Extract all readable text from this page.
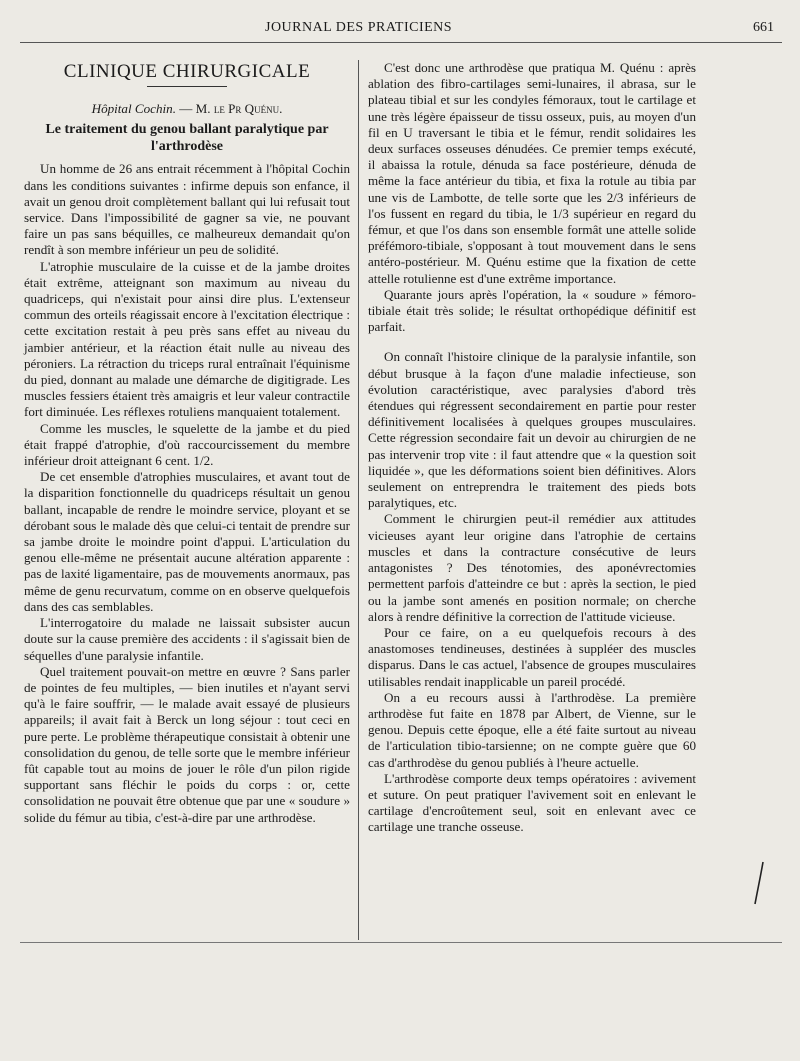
JOURNAL DES PRATICIENS	661
CLINIQUE CHIRURGICALE
Hôpital Cochin. — M. le Pr Quénu.
Le traitement du genou ballant paralytique par l'arthrodèse

Un homme de 26 ans entrait récemment à l'hôpital Cochin dans les conditions suivantes : infirme depuis son enfance, il avait un genou droit complètement ballant qui lui refusait tout service. Dans l'impossibilité de gagner sa vie, ne pouvant faire un pas sans béquilles, ce malheureux demandait qu'on rendît à son membre inférieur un peu de solidité.

L'atrophie musculaire de la cuisse et de la jambe droites était extrême, atteignant son maximum au niveau du quadriceps, qui n'existait pour ainsi dire plus. L'extenseur commun des orteils réagissait encore à l'excitation électrique : cette excitation restait à peu près sans effet au niveau du jambier antérieur, et la réaction était nulle au niveau des péroniers. La rétraction du triceps rural entraînait l'équinisme du pied, donnant au malade une démarche de digitigrade. Les muscles fessiers étaient très amaigris et leur valeur contractile fort diminuée. Les réflexes rotuliens manquaient totalement.

Comme les muscles, le squelette de la jambe et du pied était frappé d'atrophie, d'où raccourcissement du membre inférieur droit atteignant 6 cent. 1/2.

De cet ensemble d'atrophies musculaires, et avant tout de la disparition fonctionnelle du quadriceps résultait un genou ballant, incapable de rendre le moindre service, ployant et se dérobant sous le malade dès que celui-ci tentait de prendre sur sa jambe droite le moindre point d'appui. L'articulation du genou elle-même ne présentait aucune altération apparente : pas de laxité ligamentaire, pas de mouvements anormaux, pas même de genu recurvatum, comme on en observe quelquefois dans des cas semblables.

L'interrogatoire du malade ne laissait subsister aucun doute sur la cause première des accidents : il s'agissait bien de séquelles d'une paralysie infantile.

Quel traitement pouvait-on mettre en œuvre ? Sans parler de pointes de feu multiples, — bien inutiles et n'ayant servi qu'à le faire souffrir, — le malade avait essayé de plusieurs appareils; il avait fait à Berck un long séjour : tout ceci en pure perte. Le problème thérapeutique consistait à obtenir une consolidation du genou, de telle sorte que le membre inférieur fût capable tout au moins de jouer le rôle d'un pilon rigide supportant sans fléchir le poids du corps : or, cette consolidation ne pouvait être obtenue que par une « soudure » solide du fémur au tibia, c'est-à-dire par une arthrodèse.

C'est donc une arthrodèse que pratiqua M. Quénu : après ablation des fibro-cartilages semi-lunaires, il abrasa, sur le plateau tibial et sur les condyles fémoraux, tout le cartilage et une très légère épaisseur de tissu osseux, puis, au moyen d'un fil en U traversant le tibia et le fémur, rendit solidaires les deux surfaces osseuses dénudées. Ce premier temps exécuté, il abaissa la rotule, dénuda sa face postérieure, dénuda de même la face antérieur du tibia, et fixa la rotule au tibia par une vis de Lambotte, de telle sorte que les 2/3 inférieurs de l'os fussent en regard du tibia, le 1/3 supérieur en regard du fémur, et que l'os dans son ensemble formât une attelle solide préfémoro-tibiale, s'opposant à tout mouvement dans le sens antéro-postérieur. M. Quénu estime que la fixation de cette attelle rotulienne est d'une extrême importance.

Quarante jours après l'opération, la « soudure » fémoro-tibiale était très solide; le résultat orthopédique définitif est parfait.

On connaît l'histoire clinique de la paralysie infantile, son début brusque à la façon d'une maladie infectieuse, son évolution caractéristique, avec paralysies d'abord très étendues qui régressent secondairement en partie pour rester définitivement localisées à quelques groupes musculaires. Cette régression secondaire fait un devoir au chirurgien de ne pas intervenir trop vite : il faut attendre que « la question soit liquidée », que les déformations soient bien définitives. Alors seulement on entreprendra le traitement des pieds bots paralytiques, etc.

Comment le chirurgien peut-il remédier aux attitudes vicieuses ayant leur origine dans l'atrophie de certains muscles et dans la contracture consécutive de leurs antagonistes ? Des ténotomies, des aponévrectomies permettent parfois d'atteindre ce but : après la section, le pied ou la jambe sont amenés en position normale; on cherche alors à rendre définitive la correction de l'attitude vicieuse.

Pour ce faire, on a eu quelquefois recours à des anastomoses tendineuses, destinées à suppléer des muscles disparus. Dans le cas actuel, l'absence de groupes musculaires utilisables rendait inapplicable un pareil procédé.

On a eu recours aussi à l'arthrodèse. La première arthrodèse fut faite en 1878 par Albert, de Vienne, sur le genou. Depuis cette époque, elle a été faite surtout au niveau de l'articulation tibio-tarsienne; on ne compte guère que 60 cas d'arthrodèse du genou publiés à l'heure actuelle.

L'arthrodèse comporte deux temps opératoires : avivement et suture. On peut pratiquer l'avivement soit en enlevant le cartilage d'encroûtement seul, soit en enlevant avec ce cartilage une tranche osseuse.
